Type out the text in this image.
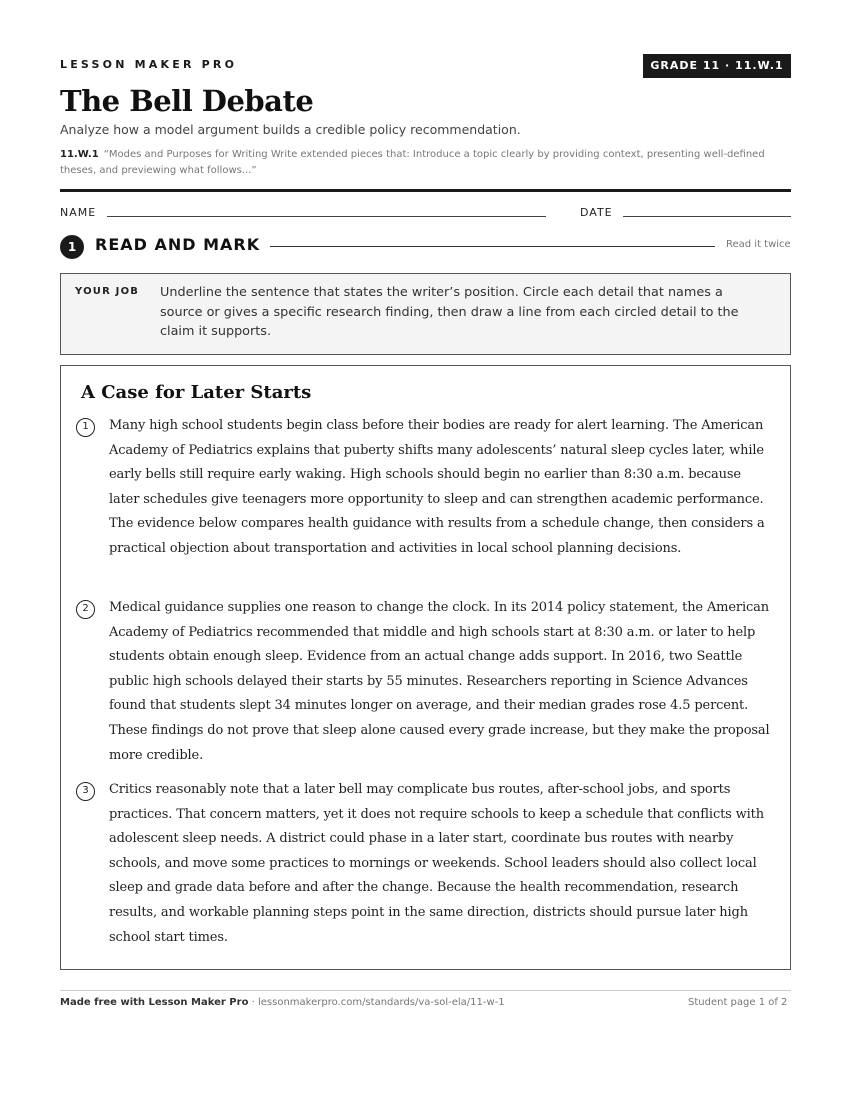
LESSON MAKER PRO	GRADE 11 · 11.W.1
The Bell Debate
Analyze how a model argument builds a credible policy recommendation.
11.W.1 “Modes and Purposes for Writing Write extended pieces that: Introduce a topic clearly by providing context, presenting well-defined theses, and previewing what follows...”
NAME	DATE
1	READ AND MARK	Read it twice
YOUR JOB Underline the sentence that states the writer’s position. Circle each detail that names a source or gives a specific research finding, then draw a line from each circled detail to the claim it supports.
A Case for Later Starts
1	Many high school students begin class before their bodies are ready for alert learning. The American Academy of Pediatrics explains that puberty shifts many adolescents’ natural sleep cycles later, while early bells still require early waking. High schools should begin no earlier than 8:30 a.m. because later schedules give teenagers more opportunity to sleep and can strengthen academic performance. The evidence below compares health guidance with results from a schedule change, then considers a practical objection about transportation and activities in local school planning decisions.

2	Medical guidance supplies one reason to change the clock. In its 2014 policy statement, the American Academy of Pediatrics recommended that middle and high schools start at 8:30 a.m. or later to help students obtain enough sleep. Evidence from an actual change adds support. In 2016, two Seattle public high schools delayed their starts by 55 minutes. Researchers reporting in Science Advances found that students slept 34 minutes longer on average, and their median grades rose 4.5 percent. These findings do not prove that sleep alone caused every grade increase, but they make the proposal more credible.

3	Critics reasonably note that a later bell may complicate bus routes, after-school jobs, and sports practices. That concern matters, yet it does not require schools to keep a schedule that conflicts with adolescent sleep needs. A district could phase in a later start, coordinate bus routes with nearby schools, and move some practices to mornings or weekends. School leaders should also collect local sleep and grade data before and after the change. Because the health recommendation, research results, and workable planning steps point in the same direction, districts should pursue later high school start times.

Made free with Lesson Maker Pro · lessonmakerpro.com/standards/va-sol-ela/11-w-1	Student page 1 of 2
